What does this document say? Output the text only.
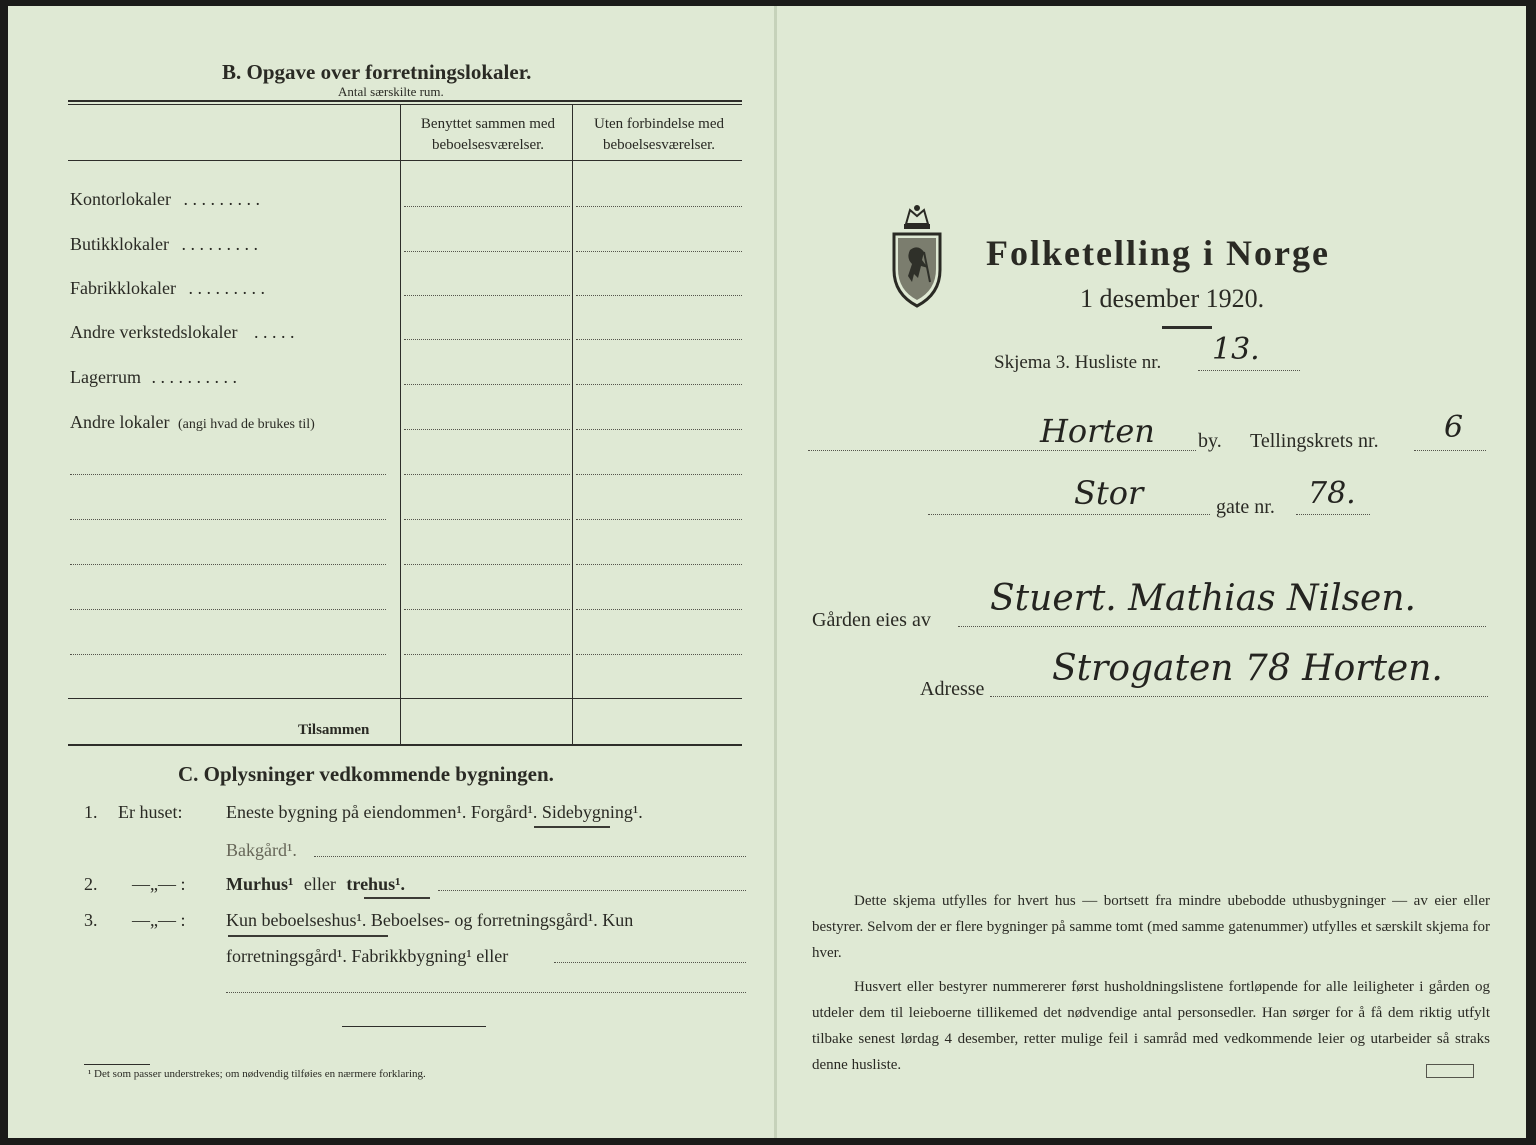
B. Opgave over forretningslokaler.
Antal særskilte rum.
Benyttet sammen med
beboelsesværelser.
Uten forbindelse med
beboelsesværelser.
Kontorlokaler . . . . . . . . .
Butikklokaler . . . . . . . . .
Fabrikklokaler . . . . . . . . .
Andre verkstedslokaler . . . . .
Lagerrum . . . . . . . . . .
Andre lokaler (angi hvad de brukes til)
Tilsammen
C. Oplysninger vedkommende bygningen.
1. Er huset: Eneste bygning på eiendommen¹. Forgård¹. Sidebygning¹.
Bakgård¹.
2. —„— : Murhus¹ eller trehus¹.
3. —„— : Kun beboelseshus¹. Beboelses- og forretningsgård¹. Kun
forretningsgård¹. Fabrikkbygning¹ eller
¹ Det som passer understrekes; om nødvendig tilføies en nærmere forklaring.
Folketelling i Norge
1 desember 1920.
Skjema 3. Husliste nr. 13.
Horten by. Tellingskrets nr. 6
Stor	gate nr. 78.
Gården eies av
Stuert. Mathias Nilsen.
Adresse Strogaten 78 Horten.
Dette skjema utfylles for hvert hus — bortsett fra mindre ubebodde uthusbygninger — av eier eller bestyrer. Selvom der er flere bygninger på samme tomt (med samme gatenummer) utfylles et særskilt skjema for hver.
Husvert eller bestyrer nummererer først husholdningslistene fortløpende for alle leiligheter i gården og utdeler dem til leieboerne tillikemed det nødvendige antal personsedler. Han sørger for å få dem riktig utfylt tilbake senest lørdag 4 desember, retter mulige feil i samråd med vedkommende leier og utarbeider så straks denne husliste.
